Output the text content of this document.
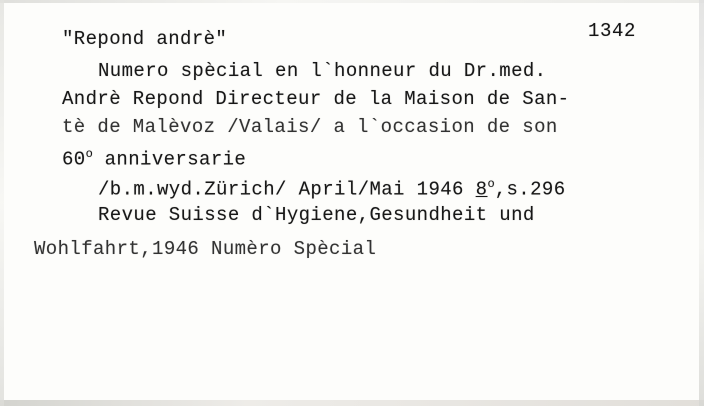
1342
"Repond andrè"
Numero spècial en l`honneur du Dr.med.
Andrè Repond Directeur de la Maison de San-
tè de Malèvoz /Valais/ a l`occasion de son
60$^o$ anniversarie
/b.m.wyd.Zürich/ April/Mai 1946 8$^o$,s.296
Revue Suisse d`Hygiene,Gesundheit und
Wohlfahrt,1946 Numèro Spècial
